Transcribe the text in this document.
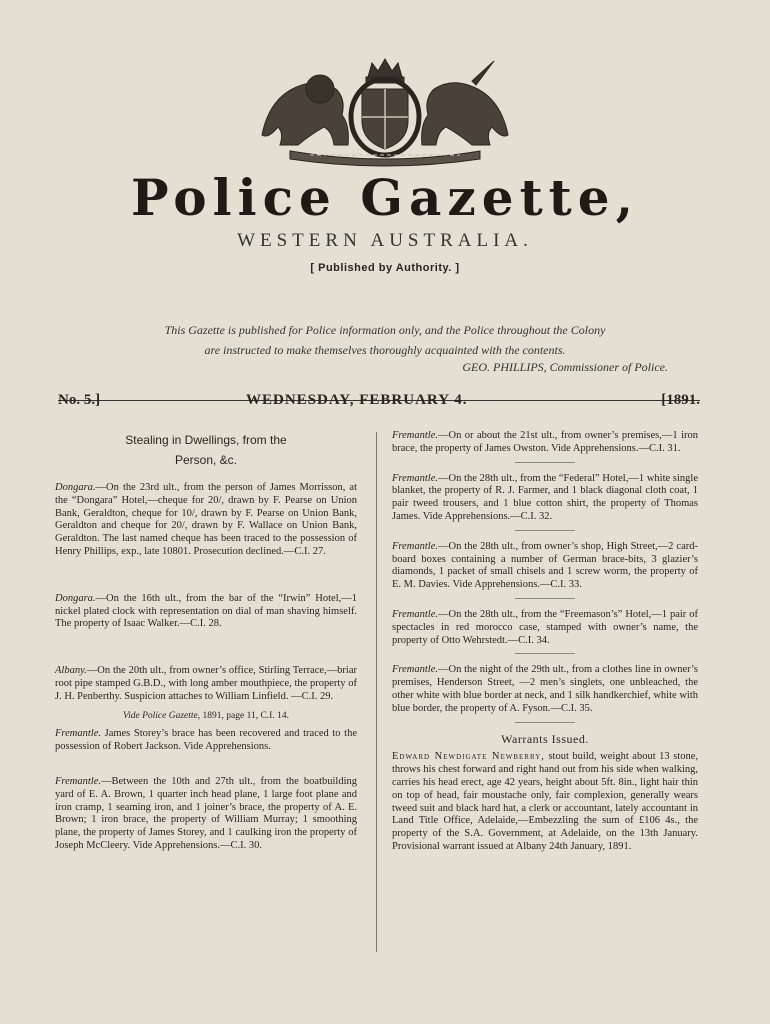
Police Gazette,
WESTERN AUSTRALIA.
[ Published by Authority. ]
This Gazette is published for Police information only, and the Police throughout the Colony
are instructed to make themselves thoroughly acquainted with the contents.
GEO. PHILLIPS, Commissioner of Police.
No. 5.]	WEDNESDAY, FEBRUARY 4.	[1891.
Stealing in Dwellings, from the
Person, &c.

Dongara.—On the 23rd ult., from the person of James Morrisson, at the “Dongara” Hotel,—cheque for 20/, drawn by F. Pearse on Union Bank, Geraldton, cheque for 10/, drawn by F. Pearse on Union Bank, Geraldton and cheque for 20/, drawn by F. Wallace on Union Bank, Geraldton. The last named cheque has been traced to the possession of Henry Phillips, exp., late 10801. Prosecution declined.—C.I. 27.

Dongara.—On the 16th ult., from the bar of the “Irwin” Hotel,—1 nickel plated clock with representation on dial of man shaving himself. The property of Isaac Walker.—C.I. 28.

Albany.—On the 20th ult., from owner’s office, Stirling Terrace,—briar root pipe stamped G.B.D., with long amber mouthpiece, the property of J. H. Penberthy. Suspicion attaches to William Linfield. —C.I. 29.

Vide Police Gazette, 1891, page 11, C.I. 14.

Fremantle. James Storey’s brace has been recovered and traced to the possession of Robert Jackson. Vide Apprehensions.

Fremantle.—Between the 10th and 27th ult., from the boatbuilding yard of E. A. Brown, 1 quarter inch head plane, 1 large foot plane and iron cramp, 1 seaming iron, and 1 joiner’s brace, the property of A. E. Brown; 1 iron brace, the property of William Murray; 1 smoothing plane, the property of James Storey, and 1 caulking iron the property of Joseph McCleery. Vide Apprehensions.—C.I. 30.

Fremantle.—On or about the 21st ult., from owner’s premises,—1 iron brace, the property of James Owston. Vide Apprehensions.—C.I. 31.

Fremantle.—On the 28th ult., from the “Federal” Hotel,—1 white single blanket, the property of R. J. Farmer, and 1 black diagonal cloth coat, 1 pair tweed trousers, and 1 blue cotton shirt, the property of Thomas James. Vide Apprehensions.—C.I. 32.

Fremantle.—On the 28th ult., from owner’s shop, High Street,—2 card-board boxes containing a number of German brace-bits, 3 glazier’s diamonds, 1 packet of small chisels and 1 screw worm, the property of E. M. Davies. Vide Apprehensions.—C.I. 33.

Fremantle.—On the 28th ult., from the “Freemason’s” Hotel,—1 pair of spectacles in red morocco case, stamped with owner’s name, the property of Otto Wehrstedt.—C.I. 34.

Fremantle.—On the night of the 29th ult., from a clothes line in owner’s premises, Henderson Street, —2 men’s singlets, one unbleached, the other white with blue border at neck, and 1 silk handkerchief, white with blue border, the property of A. Fyson.—C.I. 35.

Warrants Issued.

Edward Newdigate Newberry, stout build, weight about 13 stone, throws his chest forward and right hand out from his side when walking, carries his head erect, age 42 years, height about 5ft. 8in., light hair thin on top of head, fair moustache only, fair complexion, generally wears tweed suit and black hard hat, a clerk or accountant, lately accountant in Land Title Office, Adelaide,—Embezzling the sum of £106 4s., the property of the S.A. Government, at Adelaide, on the 13th January. Provisional warrant issued at Albany 24th January, 1891.
